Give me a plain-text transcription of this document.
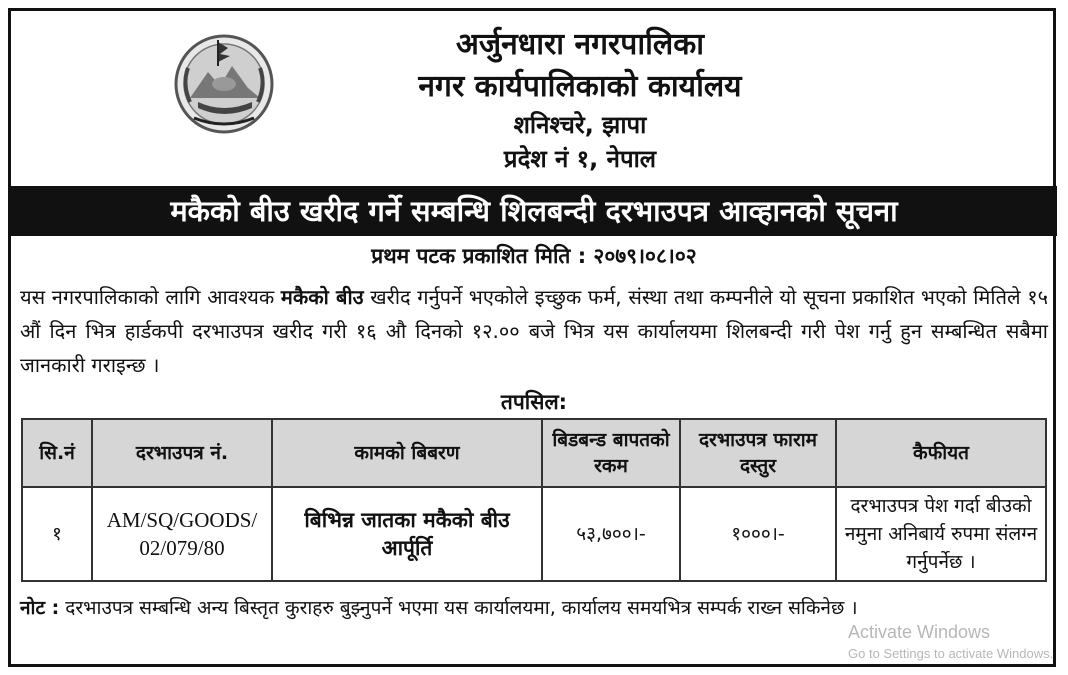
अर्जुनधारा नगरपालिका
नगर कार्यपालिकाको कार्यालय
शनिश्चरे, झापा
प्रदेश नं १, नेपाल
मकैको बीउ खरीद गर्ने सम्बन्धि शिलबन्दी दरभाउपत्र आव्हानको सूचना
प्रथम पटक प्रकाशित मिति : २०७९।०८।०२
यस नगरपालिकाको लागि आवश्यक मकैको बीउ खरीद गर्नुपर्ने भएकोले इच्छुक फर्म, संस्था तथा कम्पनीले यो सूचना प्रकाशित भएको मितिले १५ औं दिन भित्र हार्डकपी दरभाउपत्र खरीद गरी १६ औ दिनको १२.०० बजे भित्र यस कार्यालयमा शिलबन्दी गरी पेश गर्नु हुन सम्बन्धित सबैमा जानकारी गराइन्छ ।
तपसिल:
सि.नं	दरभाउपत्र नं.	कामको बिबरण	बिडबन्ड बापतको रकम	दरभाउपत्र फाराम दस्तुर	कैफीयत
१	AM/SQ/GOODS/ 02/079/80	बिभिन्न जातका मकैको बीउ आर्पूर्ति	५३,७००।-	१०००।-	दरभाउपत्र पेश गर्दा बीउको नमुना अनिबार्य रुपमा संलग्न गर्नुपर्नेछ ।
नोट : दरभाउपत्र सम्बन्धि अन्य बिस्तृत कुराहरु बुझ्नुपर्ने भएमा यस कार्यालयमा, कार्यालय समयभित्र सम्पर्क राख्न सकिनेछ ।
Activate Windows
Go to Settings to activate Windows.
